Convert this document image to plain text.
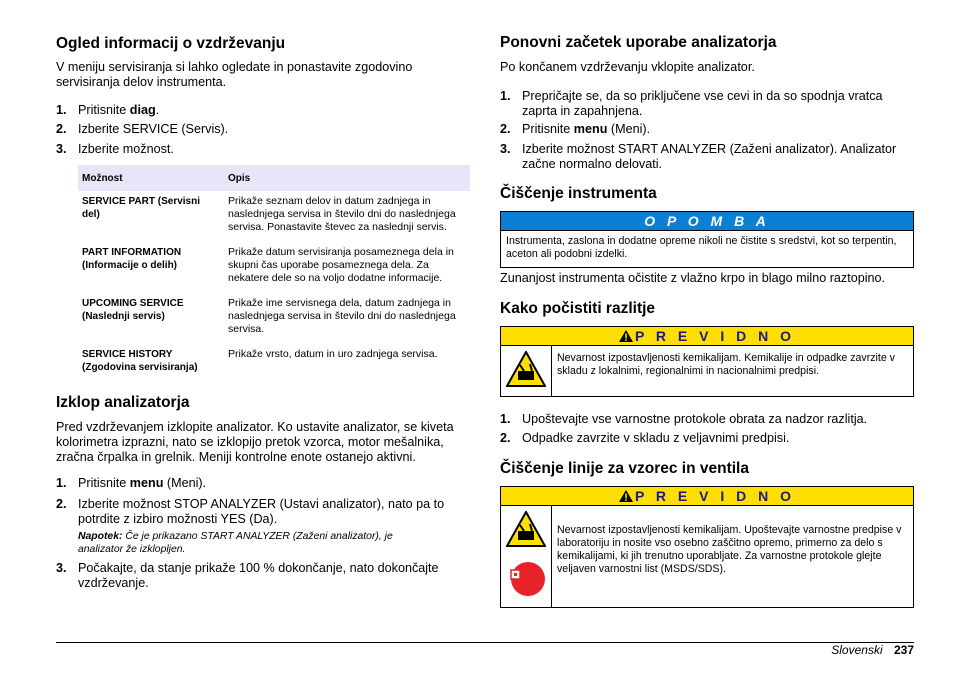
Ogled informacij o vzdrževanju
V meniju servisiranja si lahko ogledate in ponastavite zgodovino servisiranja delov instrumenta.
1. Pritisnite diag.
2. Izberite SERVICE (Servis).
3. Izberite možnost.
Možnost	Opis
SERVICE PART (Servisni del)	Prikaže seznam delov in datum zadnjega in naslednjega servisa in število dni do naslednjega servisa. Ponastavite števec za naslednji servis.
PART INFORMATION (Informacije o delih)	Prikaže datum servisiranja posameznega dela in skupni čas uporabe posameznega dela. Za nekatere dele so na voljo dodatne informacije.
UPCOMING SERVICE (Naslednji servis)	Prikaže ime servisnega dela, datum zadnjega in naslednjega servisa in število dni do naslednjega servisa.
SERVICE HISTORY (Zgodovina servisiranja)	Prikaže vrsto, datum in uro zadnjega servisa.
Izklop analizatorja
Pred vzdrževanjem izklopite analizator. Ko ustavite analizator, se kiveta kolorimetra izprazni, nato se izklopijo pretok vzorca, motor mešalnika, zračna črpalka in grelnik. Meniji kontrolne enote ostanejo aktivni.
1. Pritisnite menu (Meni).
2. Izberite možnost STOP ANALYZER (Ustavi analizator), nato pa to potrdite z izbiro možnosti YES (Da).
Napotek: Če je prikazano START ANALYZER (Zaženi analizator), je analizator že izklopljen.
3. Počakajte, da stanje prikaže 100 % dokončanje, nato dokončajte vzdrževanje.
Ponovni začetek uporabe analizatorja
Po končanem vzdrževanju vklopite analizator.
1. Prepričajte se, da so priključene vse cevi in da so spodnja vratca zaprta in zapahnjena.
2. Pritisnite menu (Meni).
3. Izberite možnost START ANALYZER (Zaženi analizator). Analizator začne normalno delovati.
Čiščenje instrumenta
O P O M B A
Instrumenta, zaslona in dodatne opreme nikoli ne čistite s sredstvi, kot so terpentin, aceton ali podobni izdelki.
Zunanjost instrumenta očistite z vlažno krpo in blago milno raztopino.
Kako počistiti razlitje
P R E V I D N O
Nevarnost izpostavljenosti kemikalijam. Kemikalije in odpadke zavrzite v skladu z lokalnimi, regionalnimi in nacionalnimi predpisi.
1. Upoštevajte vse varnostne protokole obrata za nadzor razlitja.
2. Odpadke zavrzite v skladu z veljavnimi predpisi.
Čiščenje linije za vzorec in ventila
P R E V I D N O
Nevarnost izpostavljenosti kemikalijam. Upoštevajte varnostne predpise v laboratoriju in nosite vso osebno zaščitno opremo, primerno za delo s kemikalijami, ki jih trenutno uporabljate. Za varnostne protokole glejte veljaven varnostni list (MSDS/SDS).
Slovenski 237
